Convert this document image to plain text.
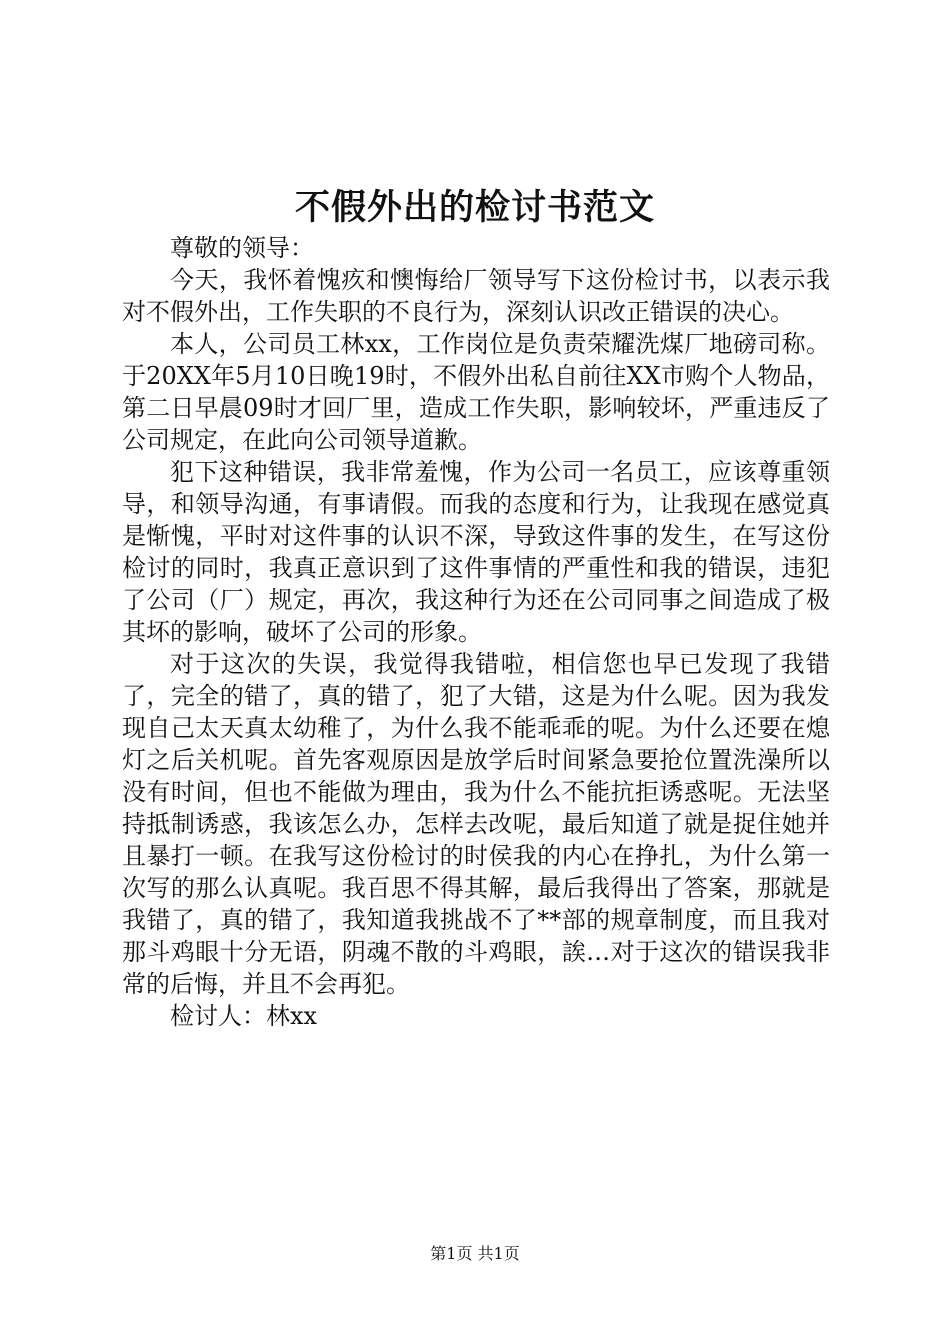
不假外出的检讨书范文

尊敬的领导：

今天，我怀着愧疚和懊悔给厂领导写下这份检讨书，以表示我对不假外出，工作失职的不良行为，深刻认识改正错误的决心。

本人，公司员工林xx，工作岗位是负责荣耀洗煤厂地磅司称。于20XX年5月10日晚19时，不假外出私自前往XX市购个人物品，第二日早晨09时才回厂里，造成工作失职，影响较坏，严重违反了公司规定，在此向公司领导道歉。

犯下这种错误，我非常羞愧，作为公司一名员工，应该尊重领导，和领导沟通，有事请假。而我的态度和行为，让我现在感觉真是惭愧，平时对这件事的认识不深，导致这件事的发生，在写这份检讨的同时，我真正意识到了这件事情的严重性和我的错误，违犯了公司（厂）规定，再次，我这种行为还在公司同事之间造成了极其坏的影响，破坏了公司的形象。

对于这次的失误，我觉得我错啦，相信您也早已发现了我错了，完全的错了，真的错了，犯了大错，这是为什么呢。因为我发现自己太天真太幼稚了，为什么我不能乖乖的呢。为什么还要在熄灯之后关机呢。首先客观原因是放学后时间紧急要抢位置洗澡所以没有时间，但也不能做为理由，我为什么不能抗拒诱惑呢。无法坚持抵制诱惑，我该怎么办，怎样去改呢，最后知道了就是捉住她并且暴打一顿。在我写这份检讨的时侯我的内心在挣扎，为什么第一次写的那么认真呢。我百思不得其解，最后我得出了答案，那就是我错了，真的错了，我知道我挑战不了**部的规章制度，而且我对那斗鸡眼十分无语，阴魂不散的斗鸡眼，誒…对于这次的错误我非常的后悔，并且不会再犯。

检讨人：林xx

第1页 共1页
